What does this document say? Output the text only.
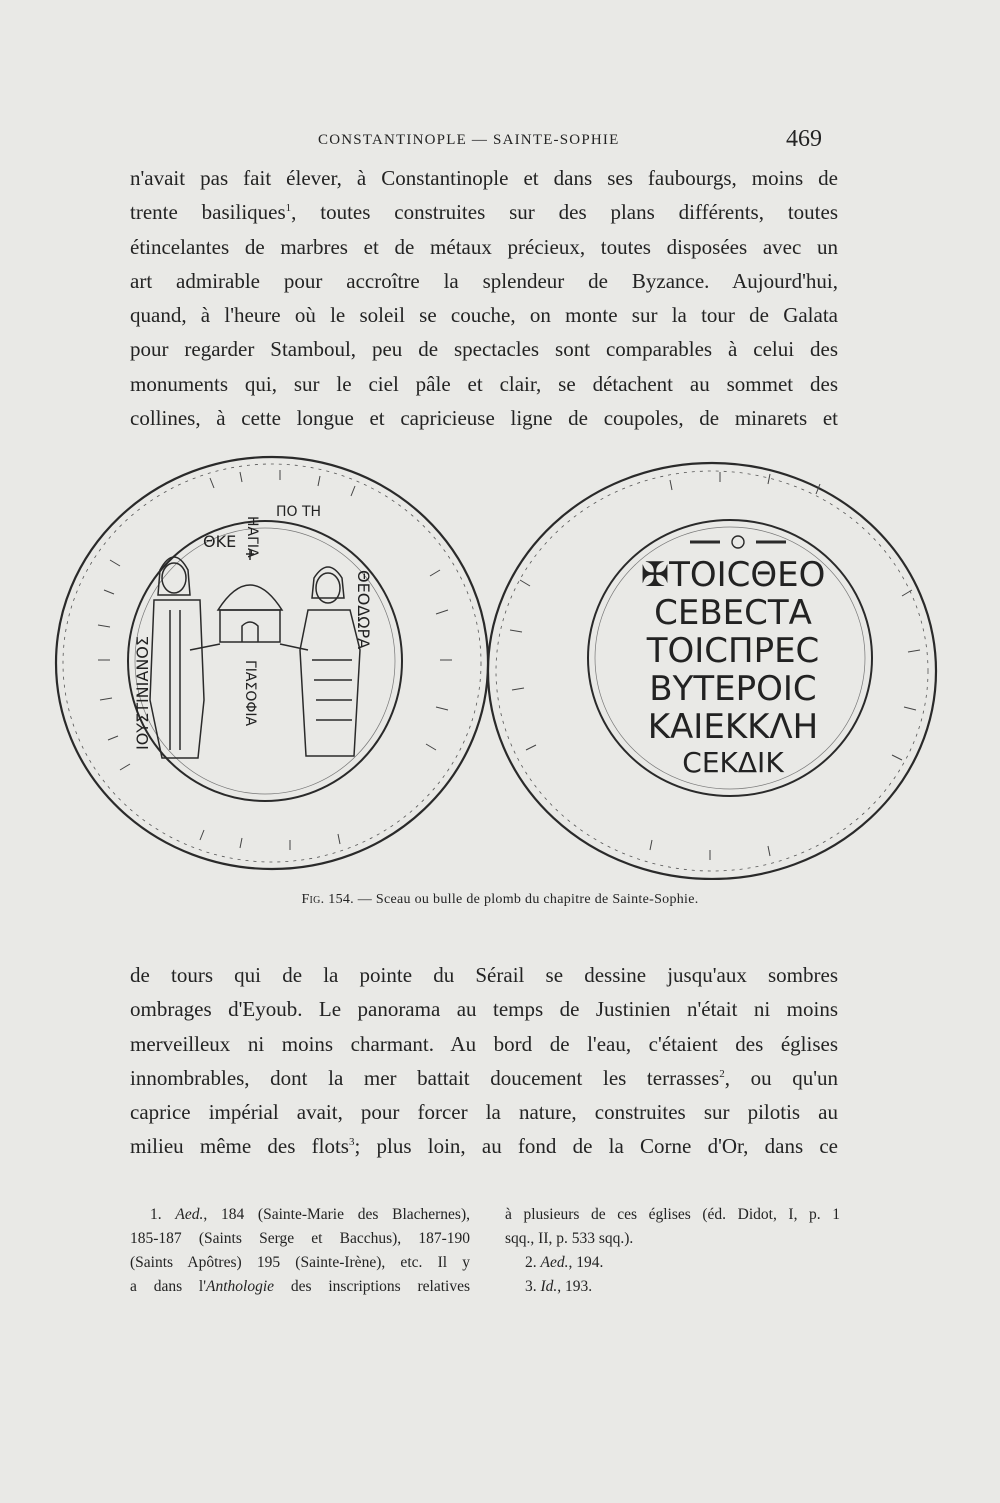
CONSTANTINOPLE — SAINTE-SOPHIE	469
n'avait pas fait élever, à Constantinople et dans ses faubourgs, moins de
trente basiliques$^1$, toutes construites sur des plans différents, toutes
étincelantes de marbres et de métaux précieux, toutes disposées avec un
art admirable pour accroître la splendeur de Byzance. Aujourd'hui,
quand, à l'heure où le soleil se couche, on monte sur la tour de Galata
pour regarder Stamboul, peu de spectacles sont comparables à celui des
monuments qui, sur le ciel pâle et clair, se détachent au sommet des
collines, à cette longue et capricieuse ligne de coupoles, de minarets et
ΘΚΕ ΗΑΓΙΑ
ΠΟ ΤΗ
ΙΟΥΣΤΙΝΙΑΝΟΣ
ΘΕΟΔΩΡΑ
ΓΙΑΣΟΦΙΑ
✠ΤΟΙCΘΕΟ
CΕΒΕCΤΑ
ΤΟΙCΠΡΕC
ΒΥΤΕΡΟΙC
ΚΑΙΕΚΚΛΗ
CΕΚΔΙΚ
Fig. 154. — Sceau ou bulle de plomb du chapitre de Sainte-Sophie.
de tours qui de la pointe du Sérail se dessine jusqu'aux sombres
ombrages d'Eyoub. Le panorama au temps de Justinien n'était ni moins
merveilleux ni moins charmant. Au bord de l'eau, c'étaient des églises
innombrables, dont la mer battait doucement les terrasses$^2$, ou qu'un
caprice impérial avait, pour forcer la nature, construites sur pilotis au
milieu même des flots$^3$; plus loin, au fond de la Corne d'Or, dans ce
1. Aed., 184 (Sainte-Marie des Blachernes),
185-187 (Saints Serge et Bacchus), 187-190
(Saints Apôtres) 195 (Sainte-Irène), etc. Il y
a dans l'Anthologie des inscriptions relatives
à plusieurs de ces églises (éd. Didot, I, p. 1
sqq., II, p. 533 sqq.).
2. Aed., 194.
3. Id., 193.
